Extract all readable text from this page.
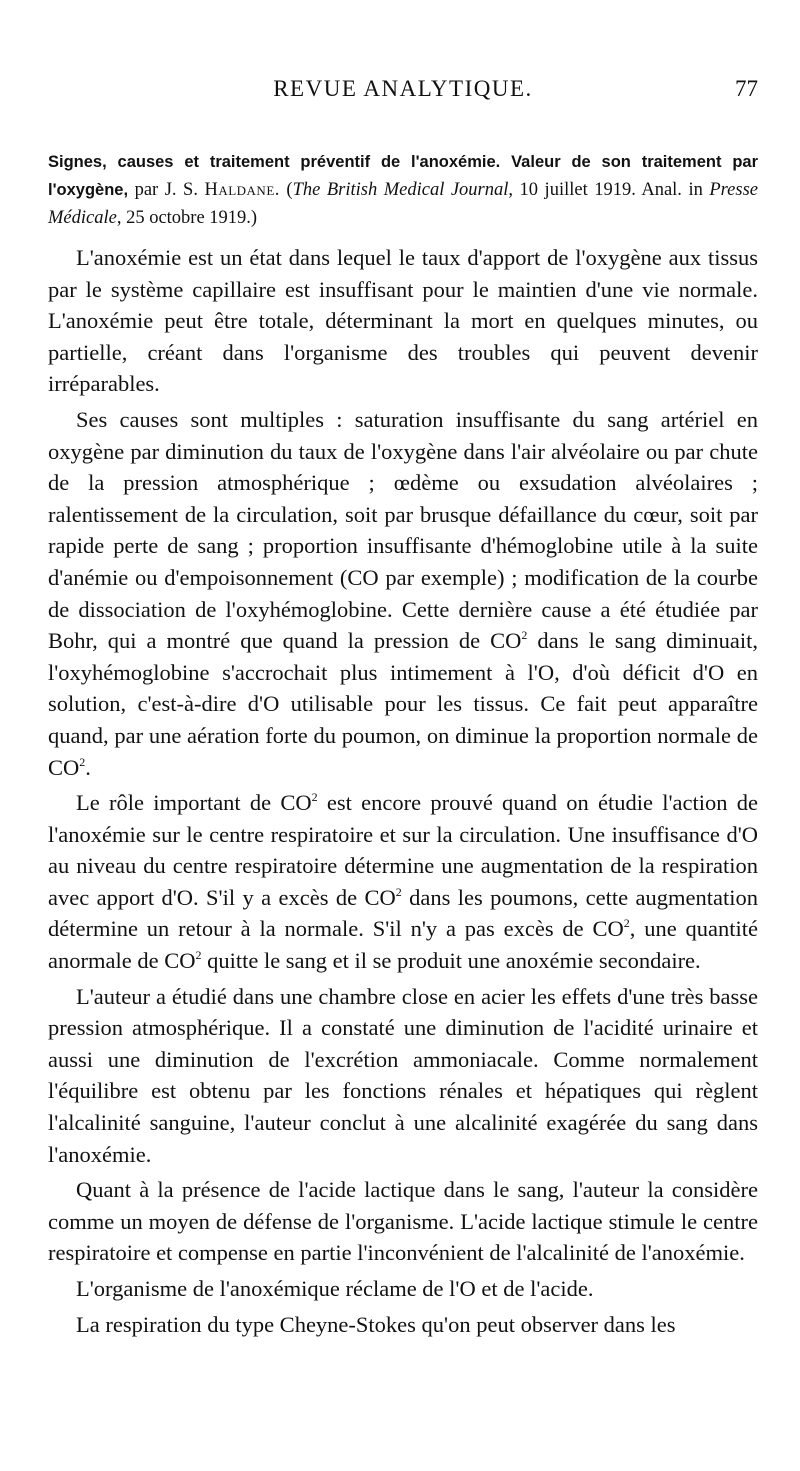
REVUE ANALYTIQUE.	77
Signes, causes et traitement préventif de l'anoxémie. Valeur de son traitement par l'oxygène, par J. S. Haldane. (The British Medical Journal, 10 juillet 1919. Anal. in Presse Médicale, 25 octobre 1919.)

L'anoxémie est un état dans lequel le taux d'apport de l'oxygène aux tissus par le système capillaire est insuffisant pour le maintien d'une vie normale. L'anoxémie peut être totale, déterminant la mort en quelques minutes, ou partielle, créant dans l'organisme des troubles qui peuvent devenir irréparables.

Ses causes sont multiples : saturation insuffisante du sang artériel en oxygène par diminution du taux de l'oxygène dans l'air alvéolaire ou par chute de la pression atmosphérique ; œdème ou exsudation alvéolaires ; ralentissement de la circulation, soit par brusque défaillance du cœur, soit par rapide perte de sang ; proportion insuffisante d'hémoglobine utile à la suite d'anémie ou d'empoisonnement (CO par exemple) ; modification de la courbe de dissociation de l'oxyhémoglobine. Cette dernière cause a été étudiée par Bohr, qui a montré que quand la pression de $CO^2$ dans le sang diminuait, l'oxyhémoglobine s'accrochait plus intimement à l'O, d'où déficit d'O en solution, c'est-à-dire d'O utilisable pour les tissus. Ce fait peut apparaître quand, par une aération forte du poumon, on diminue la proportion normale de $CO^2$.

Le rôle important de $CO^2$ est encore prouvé quand on étudie l'action de l'anoxémie sur le centre respiratoire et sur la circulation. Une insuffisance d'O au niveau du centre respiratoire détermine une augmentation de la respiration avec apport d'O. S'il y a excès de $CO^2$ dans les poumons, cette augmentation détermine un retour à la normale. S'il n'y a pas excès de $CO^2$, une quantité anormale de $CO^2$ quitte le sang et il se produit une anoxémie secondaire.

L'auteur a étudié dans une chambre close en acier les effets d'une très basse pression atmosphérique. Il a constaté une diminution de l'acidité urinaire et aussi une diminution de l'excrétion ammoniacale. Comme normalement l'équilibre est obtenu par les fonctions rénales et hépatiques qui règlent l'alcalinité sanguine, l'auteur conclut à une alcalinité exagérée du sang dans l'anoxémie.

Quant à la présence de l'acide lactique dans le sang, l'auteur la considère comme un moyen de défense de l'organisme. L'acide lactique stimule le centre respiratoire et compense en partie l'inconvénient de l'alcalinité de l'anoxémie.

L'organisme de l'anoxémique réclame de l'O et de l'acide.

La respiration du type Cheyne-Stokes qu'on peut observer dans les
